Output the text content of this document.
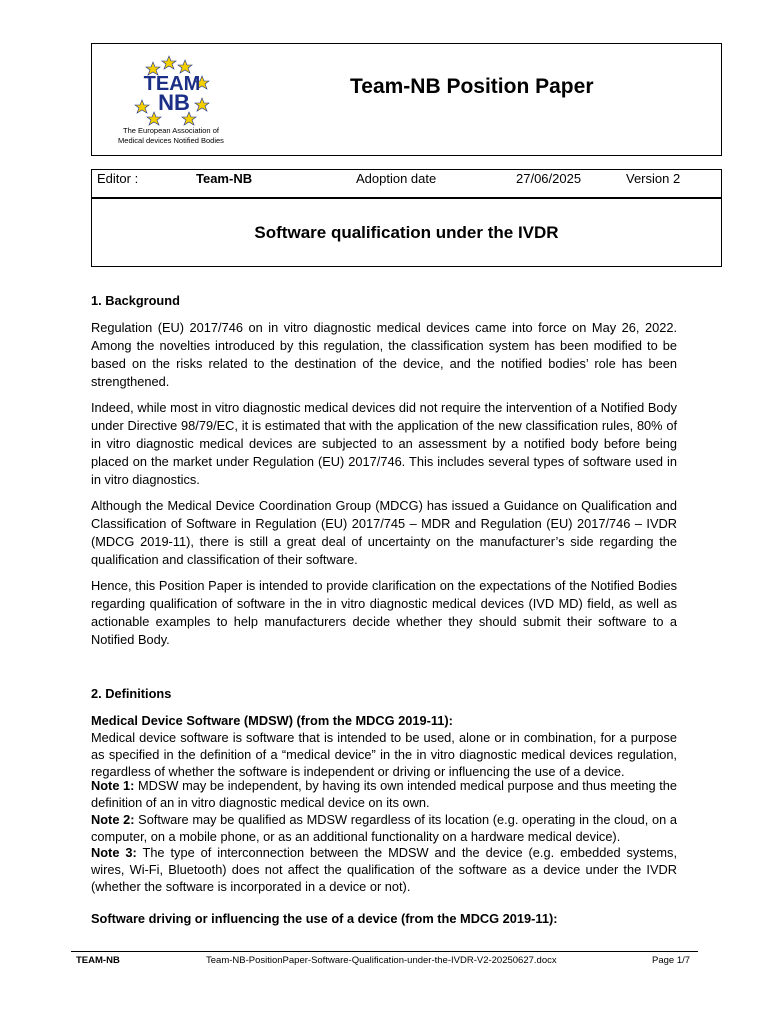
TEAM
NB
The European Association of
Medical devices Notified Bodies
Team-NB Position Paper
Editor :	Team-NB	Adoption date	27/06/2025	Version 2
Software qualification under the IVDR

1. Background

Regulation (EU) 2017/746 on in vitro diagnostic medical devices came into force on May 26, 2022. Among the novelties introduced by this regulation, the classification system has been modified to be based on the risks related to the destination of the device, and the notified bodies’ role has been strengthened.

Indeed, while most in vitro diagnostic medical devices did not require the intervention of a Notified Body under Directive 98/79/EC, it is estimated that with the application of the new classification rules, 80% of in vitro diagnostic medical devices are subjected to an assessment by a notified body before being placed on the market under Regulation (EU) 2017/746. This includes several types of software used in in vitro diagnostics.

Although the Medical Device Coordination Group (MDCG) has issued a Guidance on Qualification and Classification of Software in Regulation (EU) 2017/745 – MDR and Regulation (EU) 2017/746 – IVDR (MDCG 2019-11), there is still a great deal of uncertainty on the manufacturer’s side regarding the qualification and classification of their software.

Hence, this Position Paper is intended to provide clarification on the expectations of the Notified Bodies regarding qualification of software in the in vitro diagnostic medical devices (IVD MD) field, as well as actionable examples to help manufacturers decide whether they should submit their software to a Notified Body.

2. Definitions

Medical Device Software (MDSW) (from the MDCG 2019-11):

Medical device software is software that is intended to be used, alone or in combination, for a purpose as specified in the definition of a “medical device” in the in vitro diagnostic medical devices regulation, regardless of whether the software is independent or driving or influencing the use of a device.

Note 1: MDSW may be independent, by having its own intended medical purpose and thus meeting the definition of an in vitro diagnostic medical device on its own.

Note 2: Software may be qualified as MDSW regardless of its location (e.g. operating in the cloud, on a computer, on a mobile phone, or as an additional functionality on a hardware medical device).

Note 3: The type of interconnection between the MDSW and the device (e.g. embedded systems, wires, Wi-Fi, Bluetooth) does not affect the qualification of the software as a device under the IVDR (whether the software is incorporated in a device or not).

Software driving or influencing the use of a device (from the MDCG 2019-11):

TEAM-NB	Team-NB-PositionPaper-Software-Qualification-under-the-IVDR-V2-20250627.docx	Page 1/7
